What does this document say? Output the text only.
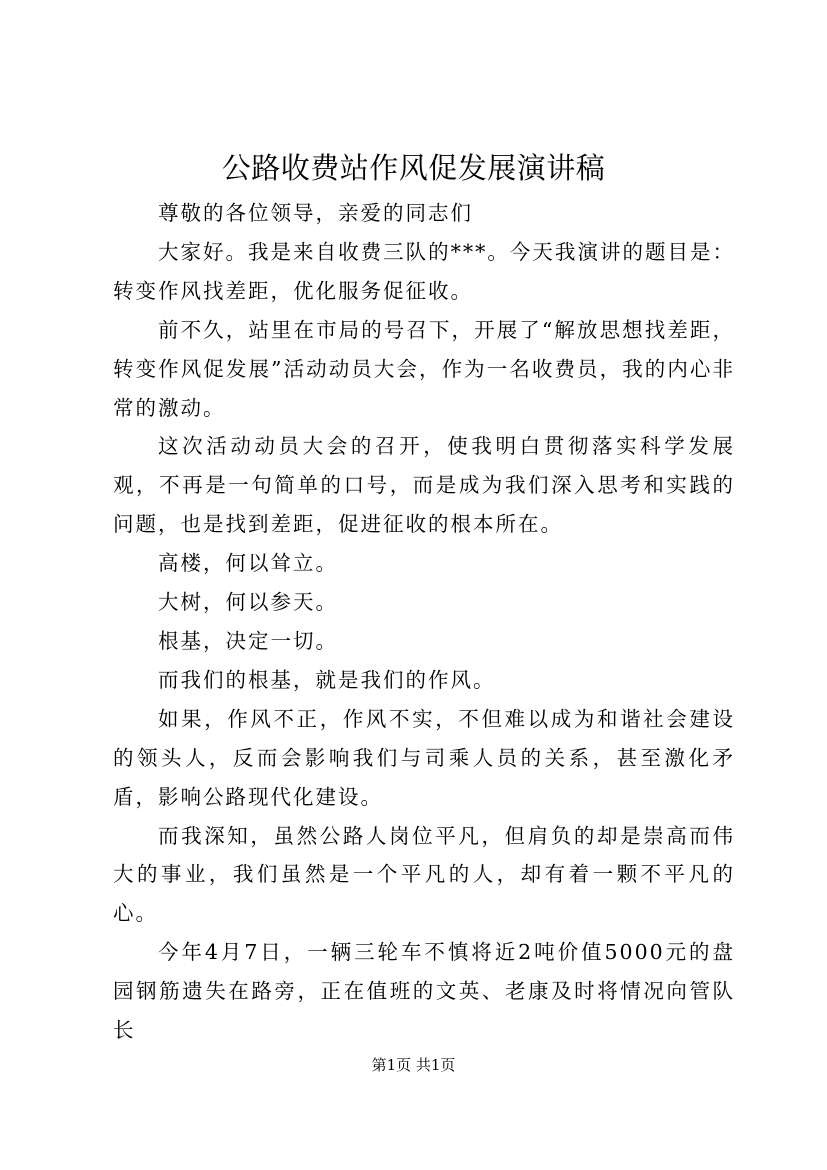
公路收费站作风促发展演讲稿

尊敬的各位领导，亲爱的同志们

大家好。我是来自收费三队的***。今天我演讲的题目是：转变作风找差距，优化服务促征收。

前不久，站里在市局的号召下，开展了“解放思想找差距，转变作风促发展”活动动员大会，作为一名收费员，我的内心非常的激动。

这次活动动员大会的召开，使我明白贯彻落实科学发展观，不再是一句简单的口号，而是成为我们深入思考和实践的问题，也是找到差距，促进征收的根本所在。

高楼，何以耸立。

大树，何以参天。

根基，决定一切。

而我们的根基，就是我们的作风。

如果，作风不正，作风不实，不但难以成为和谐社会建设的领头人，反而会影响我们与司乘人员的关系，甚至激化矛盾，影响公路现代化建设。

而我深知，虽然公路人岗位平凡，但肩负的却是崇高而伟大的事业，我们虽然是一个平凡的人，却有着一颗不平凡的心。

今年4月7日，一辆三轮车不慎将近2吨价值5000元的盘园钢筋遗失在路旁，正在值班的文英、老康及时将情况向管队长

第1页 共1页
